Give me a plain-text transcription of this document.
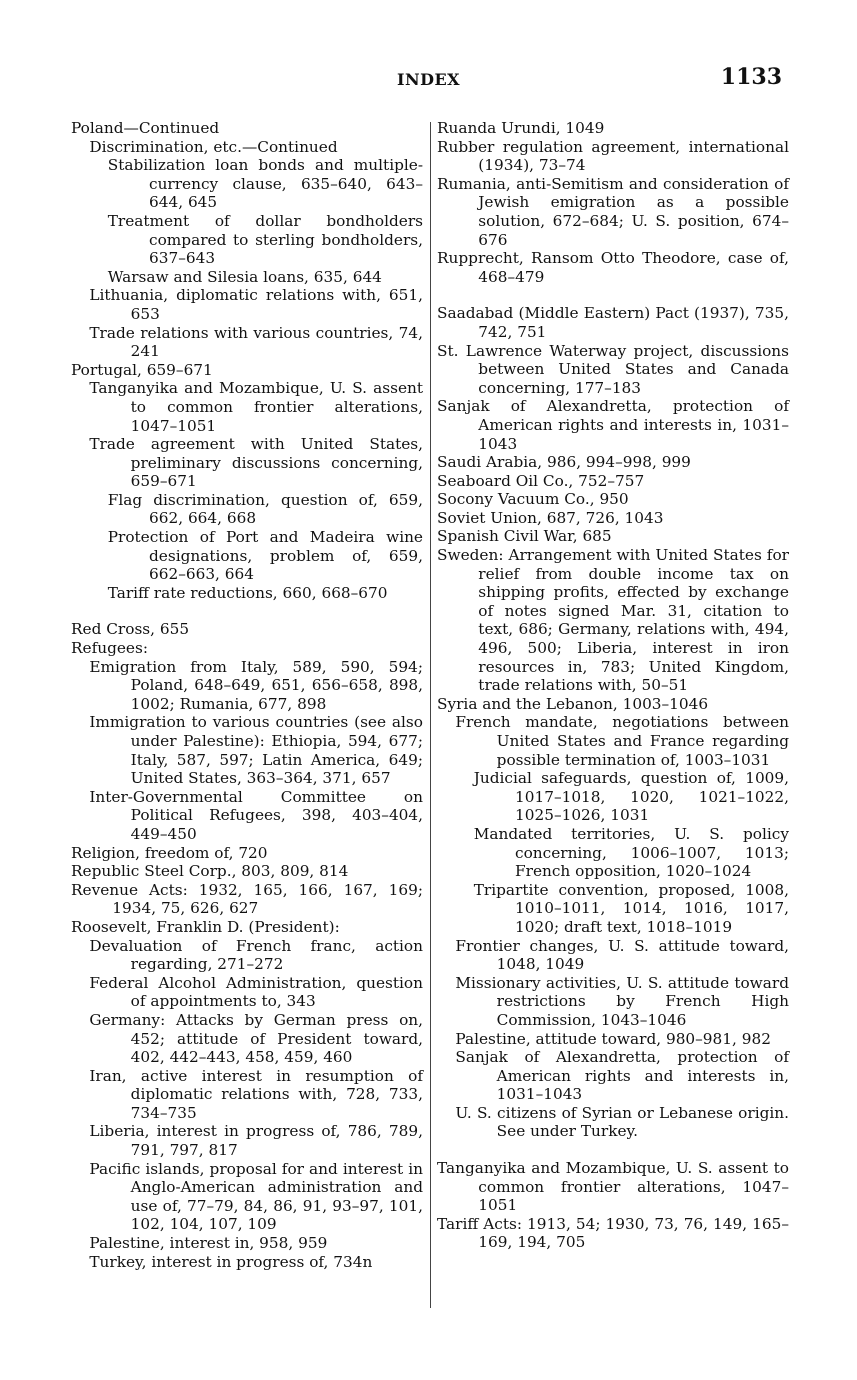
INDEX	1133
Poland—Continued
Discrimination, etc.—Continued
Stabilization loan bonds and multiple-currency clause, 635–640, 643–644, 645
Treatment of dollar bondholders compared to sterling bondholders, 637–643
Warsaw and Silesia loans, 635, 644
Lithuania, diplomatic relations with, 651, 653
Trade relations with various countries, 74, 241
Portugal, 659–671
Tanganyika and Mozambique, U. S. assent to common frontier alterations, 1047–1051
Trade agreement with United States, preliminary discussions concerning, 659–671
Flag discrimination, question of, 659, 662, 664, 668
Protection of Port and Madeira wine designations, problem of, 659, 662–663, 664
Tariff rate reductions, 660, 668–670
Red Cross, 655
Refugees:
Emigration from Italy, 589, 590, 594; Poland, 648–649, 651, 656–658, 898, 1002; Rumania, 677, 898
Immigration to various countries (see also under Palestine): Ethiopia, 594, 677; Italy, 587, 597; Latin America, 649; United States, 363–364, 371, 657
Inter-Governmental Committee on Political Refugees, 398, 403–404, 449–450
Religion, freedom of, 720
Republic Steel Corp., 803, 809, 814
Revenue Acts: 1932, 165, 166, 167, 169; 1934, 75, 626, 627
Roosevelt, Franklin D. (President):
Devaluation of French franc, action regarding, 271–272
Federal Alcohol Administration, question of appointments to, 343
Germany: Attacks by German press on, 452; attitude of President toward, 402, 442–443, 458, 459, 460
Iran, active interest in resumption of diplomatic relations with, 728, 733, 734–735
Liberia, interest in progress of, 786, 789, 791, 797, 817
Pacific islands, proposal for and interest in Anglo-American administration and use of, 77–79, 84, 86, 91, 93–97, 101, 102, 104, 107, 109
Palestine, interest in, 958, 959
Turkey, interest in progress of, 734n
Ruanda Urundi, 1049
Rubber regulation agreement, international (1934), 73–74
Rumania, anti-Semitism and consideration of Jewish emigration as a possible solution, 672–684; U. S. position, 674–676
Rupprecht, Ransom Otto Theodore, case of, 468–479
Saadabad (Middle Eastern) Pact (1937), 735, 742, 751
St. Lawrence Waterway project, discussions between United States and Canada concerning, 177–183
Sanjak of Alexandretta, protection of American rights and interests in, 1031–1043
Saudi Arabia, 986, 994–998, 999
Seaboard Oil Co., 752–757
Socony Vacuum Co., 950
Soviet Union, 687, 726, 1043
Spanish Civil War, 685
Sweden: Arrangement with United States for relief from double income tax on shipping profits, effected by exchange of notes signed Mar. 31, citation to text, 686; Germany, relations with, 494, 496, 500; Liberia, interest in iron resources in, 783; United Kingdom, trade relations with, 50–51
Syria and the Lebanon, 1003–1046
French mandate, negotiations between United States and France regarding possible termination of, 1003–1031
Judicial safeguards, question of, 1009, 1017–1018, 1020, 1021–1022, 1025–1026, 1031
Mandated territories, U. S. policy concerning, 1006–1007, 1013; French opposition, 1020–1024
Tripartite convention, proposed, 1008, 1010–1011, 1014, 1016, 1017, 1020; draft text, 1018–1019
Frontier changes, U. S. attitude toward, 1048, 1049
Missionary activities, U. S. attitude toward restrictions by French High Commission, 1043–1046
Palestine, attitude toward, 980–981, 982
Sanjak of Alexandretta, protection of American rights and interests in, 1031–1043
U. S. citizens of Syrian or Lebanese origin. See under Turkey.
Tanganyika and Mozambique, U. S. assent to common frontier alterations, 1047–1051
Tariff Acts: 1913, 54; 1930, 73, 76, 149, 165–169, 194, 705
